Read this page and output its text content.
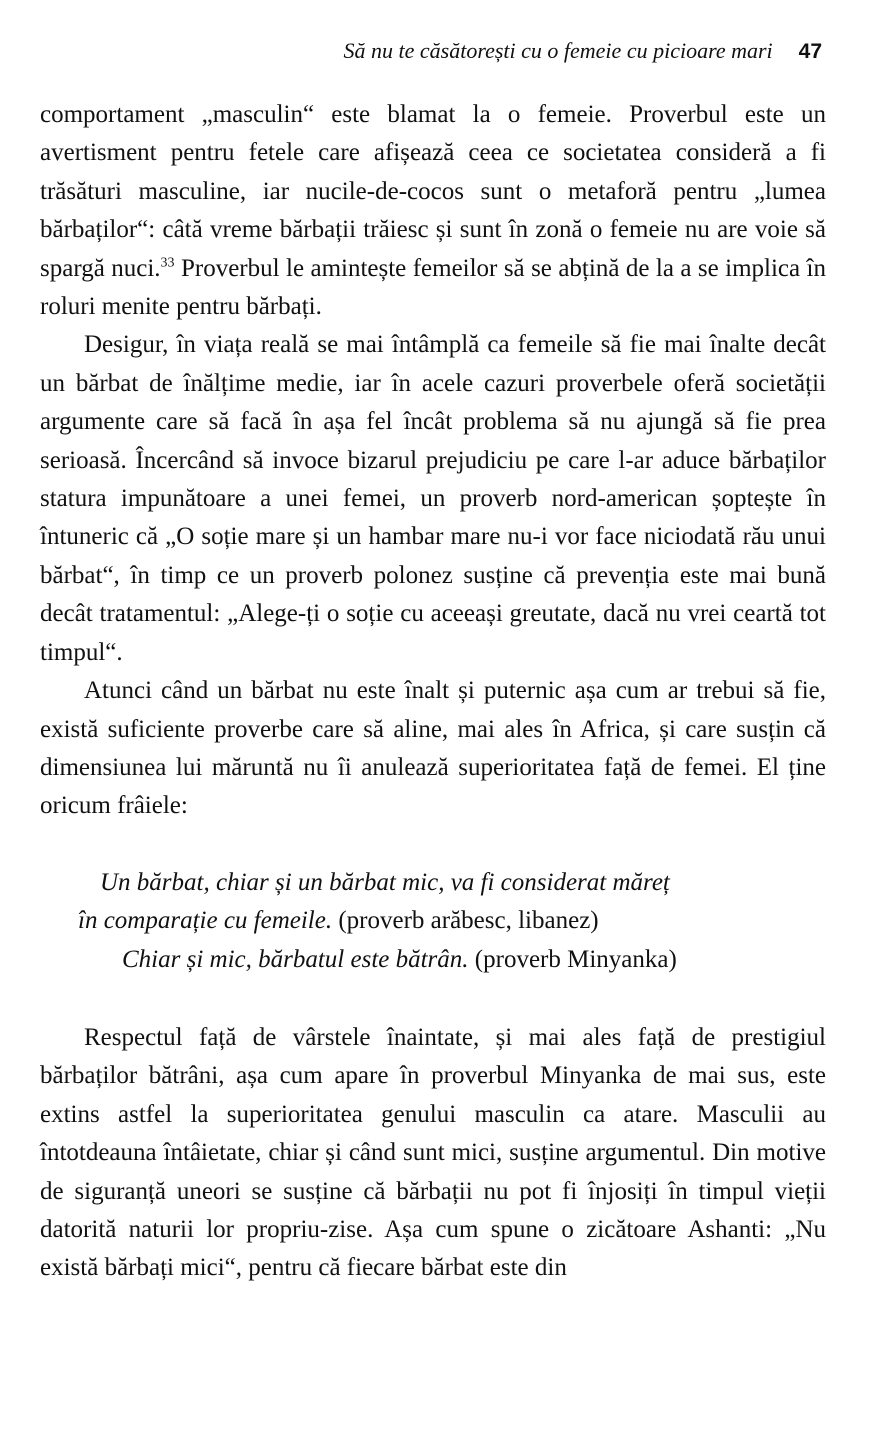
Să nu te căsătorești cu o femeie cu picioare mari 47

comportament „masculin“ este blamat la o femeie. Proverbul este un avertisment pentru fetele care afișează ceea ce societatea consideră a fi trăsături masculine, iar nucile-de-cocos sunt o metaforă pentru „lumea bărbaților“: câtă vreme bărbații trăiesc și sunt în zonă o femeie nu are voie să spargă nuci.$^{33}$ Proverbul le amintește femeilor să se abțină de la a se implica în roluri menite pentru bărbați.

Desigur, în viața reală se mai întâmplă ca femeile să fie mai înalte decât un bărbat de înălțime medie, iar în acele cazuri proverbele oferă societății argumente care să facă în așa fel încât problema să nu ajungă să fie prea serioasă. Încercând să invoce bizarul prejudiciu pe care l-ar aduce bărbaților statura impunătoare a unei femei, un proverb nord-american șoptește în întuneric că „O soție mare și un hambar mare nu-i vor face niciodată rău unui bărbat“, în timp ce un proverb polonez susține că prevenția este mai bună decât tratamentul: „Alege-ți o soție cu aceeași greutate, dacă nu vrei ceartă tot timpul“.

Atunci când un bărbat nu este înalt și puternic așa cum ar trebui să fie, există suficiente proverbe care să aline, mai ales în Africa, și care susțin că dimensiunea lui măruntă nu îi anulează superioritatea față de femei. El ține oricum frâiele:

Un bărbat, chiar și un bărbat mic, va fi considerat măreț
în comparație cu femeile. (proverb arăbesc, libanez)
Chiar și mic, bărbatul este bătrân. (proverb Minyanka)

Respectul față de vârstele înaintate, și mai ales față de prestigiul bărbaților bătrâni, așa cum apare în proverbul Minyanka de mai sus, este extins astfel la superioritatea genului masculin ca atare. Masculii au întotdeauna întâietate, chiar și când sunt mici, susține argumentul. Din motive de siguranță uneori se susține că bărbații nu pot fi înjosiți în timpul vieții datorită naturii lor propriu-zise. Așa cum spune o zicătoare Ashanti: „Nu există bărbați mici“, pentru că fiecare bărbat este din
